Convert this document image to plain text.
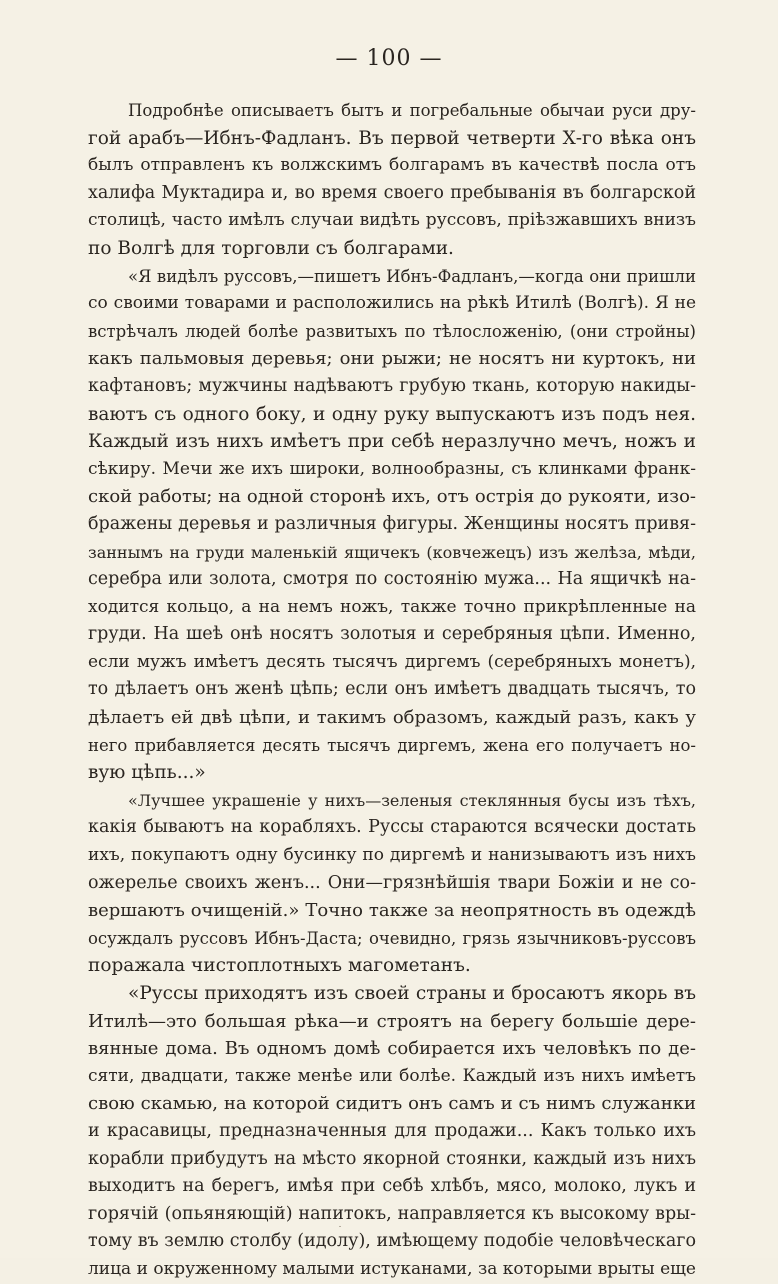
— 100 —
Подробнѣе описываетъ бытъ и погребальные обычаи руси дру-
гой арабъ—Ибнъ-Фадланъ. Въ первой четверти Х-го вѣка онъ
былъ отправленъ къ волжскимъ болгарамъ въ качествѣ посла отъ
халифа Муктадира и, во время своего пребыванія въ болгарской
столицѣ, часто имѣлъ случаи видѣть руссовъ, пріѣзжавшихъ внизъ
по Волгѣ для торговли съ болгарами.
«Я видѣлъ руссовъ,—пишетъ Ибнъ-Фадланъ,—когда они пришли
со своими товарами и расположились на рѣкѣ Итилѣ (Волгѣ). Я не
встрѣчалъ людей болѣе развитыхъ по тѣлосложенію, (они стройны)
какъ пальмовыя деревья; они рыжи; не носятъ ни куртокъ, ни
кафтановъ; мужчины надѣваютъ грубую ткань, которую накиды-
ваютъ съ одного боку, и одну руку выпускаютъ изъ подъ нея.
Каждый изъ нихъ имѣетъ при себѣ неразлучно мечъ, ножъ и
сѣкиру. Мечи же ихъ широки, волнообразны, съ клинками франк-
ской работы; на одной сторонѣ ихъ, отъ острія до рукояти, изо-
бражены деревья и различныя фигуры. Женщины носятъ привя-
заннымъ на груди маленькій ящичекъ (ковчежецъ) изъ желѣза, мѣди,
серебра или золота, смотря по состоянію мужа... На ящичкѣ на-
ходится кольцо, а на немъ ножъ, также точно прикрѣпленные на
груди. На шеѣ онѣ носятъ золотыя и серебряныя цѣпи. Именно,
если мужъ имѣетъ десять тысячъ диргемъ (серебряныхъ монетъ),
то дѣлаетъ онъ женѣ цѣпь; если онъ имѣетъ двадцать тысячъ, то
дѣлаетъ ей двѣ цѣпи, и такимъ образомъ, каждый разъ, какъ у
него прибавляется десять тысячъ диргемъ, жена его получаетъ но-
вую цѣпь...»
«Лучшее украшеніе у нихъ—зеленыя стеклянныя бусы изъ тѣхъ,
какія бываютъ на корабляхъ. Руссы стараются всячески достать
ихъ, покупаютъ одну бусинку по диргемѣ и нанизываютъ изъ нихъ
ожерелье своихъ женъ... Они—грязнѣйшія твари Божіи и не со-
вершаютъ очищеній.» Точно также за неопрятность въ одеждѣ
осуждалъ руссовъ Ибнъ-Даста; очевидно, грязь язычниковъ-руссовъ
поражала чистоплотныхъ магометанъ.
«Руссы приходятъ изъ своей страны и бросаютъ якорь въ
Итилѣ—это большая рѣка—и строятъ на берегу большіе дере-
вянные дома. Въ одномъ домѣ собирается ихъ человѣкъ по де-
сяти, двадцати, также менѣе или болѣе. Каждый изъ нихъ имѣетъ
свою скамью, на которой сидитъ онъ самъ и съ нимъ служанки
и красавицы, предназначенныя для продажи... Какъ только ихъ
корабли прибудутъ на мѣсто якорной стоянки, каждый изъ нихъ
выходитъ на берегъ, имѣя при себѣ хлѣбъ, мясо, молоко, лукъ и
горячій (опьяняющій) напитокъ, направляется къ высокому вры-
тому въ землю столбу (идолу), имѣющему подобіе человѣческаго
лица и окруженному малыми истуканами, за которыми врыты еще
